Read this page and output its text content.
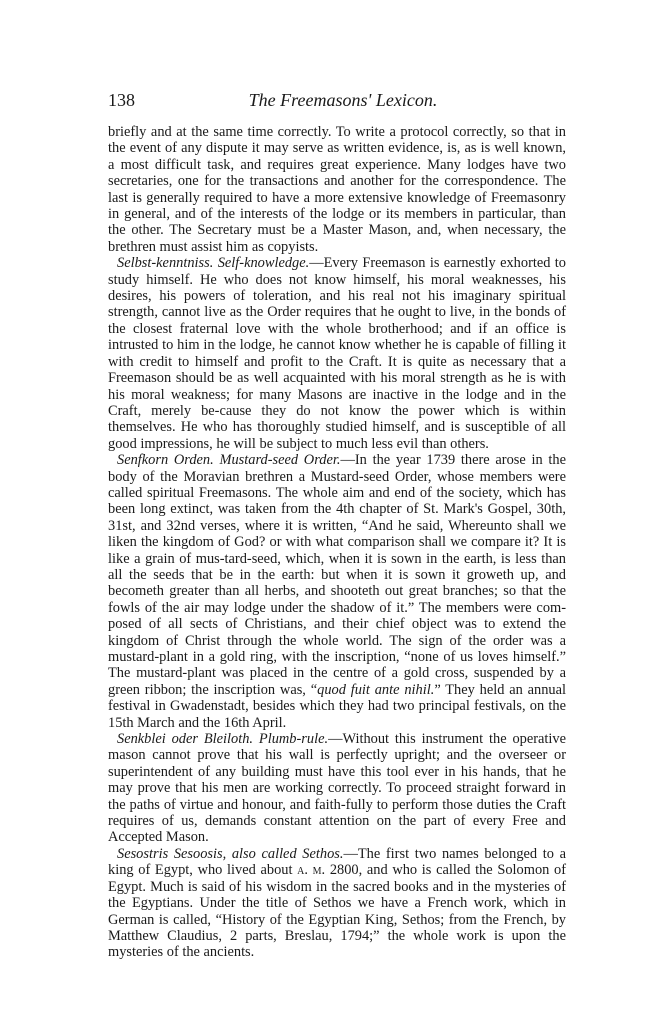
138	The Freemasons' Lexicon.

briefly and at the same time correctly. To write a protocol correctly, so that in the event of any dispute it may serve as written evidence, is, as is well known, a most difficult task, and requires great experience. Many lodges have two secretaries, one for the transactions and another for the correspondence. The last is generally required to have a more extensive knowledge of Freemasonry in general, and of the interests of the lodge or its members in particular, than the other. The Secretary must be a Master Mason, and, when necessary, the brethren must assist him as copyists.

Selbst-kenntniss. Self-knowledge.—Every Freemason is earnestly exhorted to study himself. He who does not know himself, his moral weaknesses, his desires, his powers of toleration, and his real not his imaginary spiritual strength, cannot live as the Order requires that he ought to live, in the bonds of the closest fraternal love with the whole brotherhood; and if an office is intrusted to him in the lodge, he cannot know whether he is capable of filling it with credit to himself and profit to the Craft. It is quite as necessary that a Freemason should be as well acquainted with his moral strength as he is with his moral weakness; for many Masons are inactive in the lodge and in the Craft, merely be-cause they do not know the power which is within themselves. He who has thoroughly studied himself, and is susceptible of all good impressions, he will be subject to much less evil than others.

Senfkorn Orden. Mustard-seed Order.—In the year 1739 there arose in the body of the Moravian brethren a Mustard-seed Order, whose members were called spiritual Freemasons. The whole aim and end of the society, which has been long extinct, was taken from the 4th chapter of St. Mark's Gospel, 30th, 31st, and 32nd verses, where it is written, “And he said, Whereunto shall we liken the kingdom of God? or with what comparison shall we compare it? It is like a grain of mus-tard-seed, which, when it is sown in the earth, is less than all the seeds that be in the earth: but when it is sown it groweth up, and becometh greater than all herbs, and shooteth out great branches; so that the fowls of the air may lodge under the shadow of it.” The members were com-posed of all sects of Christians, and their chief object was to extend the kingdom of Christ through the whole world. The sign of the order was a mustard-plant in a gold ring, with the inscription, “none of us loves himself.” The mustard-plant was placed in the centre of a gold cross, suspended by a green ribbon; the inscription was, “quod fuit ante nihil.” They held an annual festival in Gwadenstadt, besides which they had two principal festivals, on the 15th March and the 16th April.

Senkblei oder Bleiloth. Plumb-rule.—Without this instrument the operative mason cannot prove that his wall is perfectly upright; and the overseer or superintendent of any building must have this tool ever in his hands, that he may prove that his men are working correctly. To proceed straight forward in the paths of virtue and honour, and faith-fully to perform those duties the Craft requires of us, demands constant attention on the part of every Free and Accepted Mason.

Sesostris Sesoosis, also called Sethos.—The first two names belonged to a king of Egypt, who lived about a. m. 2800, and who is called the Solomon of Egypt. Much is said of his wisdom in the sacred books and in the mysteries of the Egyptians. Under the title of Sethos we have a French work, which in German is called, “History of the Egyptian King, Sethos; from the French, by Matthew Claudius, 2 parts, Breslau, 1794;” the whole work is upon the mysteries of the ancients.
